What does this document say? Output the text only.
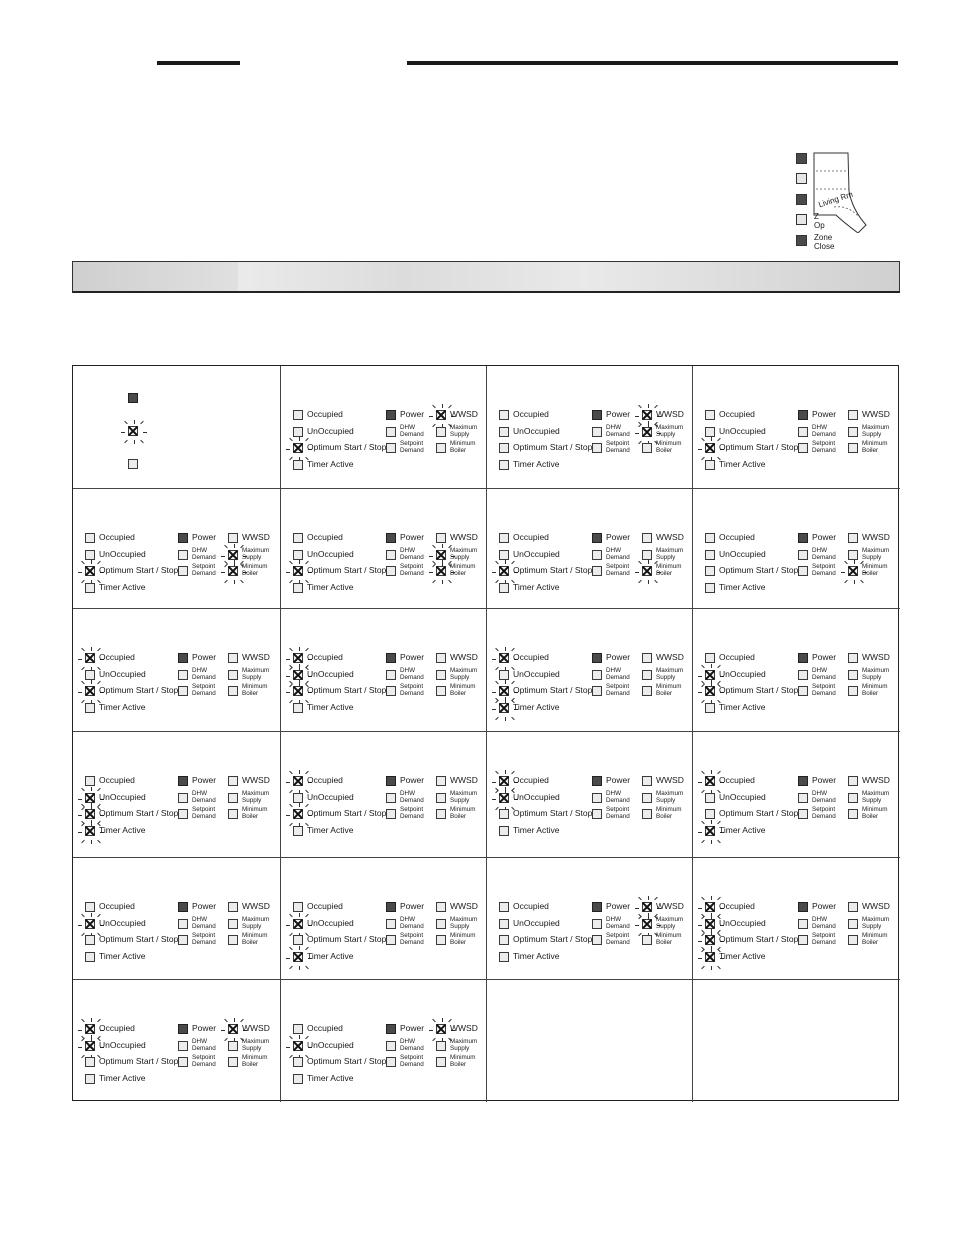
Living Rm
Z
Op
Zone
Close
Occupied
UnOccupied
Optimum Start / Stop
Timer Active
Power
DHW
Demand
Setpoint
Demand
WWSD
Maximum
Supply
Minimum
Boiler
Occupied
UnOccupied
Optimum Start / Stop
Timer Active
Power
DHW
Demand
Setpoint
Demand
WWSD
Maximum
Supply
Minimum
Boiler
Occupied
UnOccupied
Optimum Start / Stop
Timer Active
Power
DHW
Demand
Setpoint
Demand
WWSD
Maximum
Supply
Minimum
Boiler
Occupied
UnOccupied
Optimum Start / Stop
Timer Active
Power
DHW
Demand
Setpoint
Demand
WWSD
Maximum
Supply
Minimum
Boiler
Occupied
UnOccupied
Optimum Start / Stop
Timer Active
Power
DHW
Demand
Setpoint
Demand
WWSD
Maximum
Supply
Minimum
Boiler
Occupied
UnOccupied
Optimum Start / Stop
Timer Active
Power
DHW
Demand
Setpoint
Demand
WWSD
Maximum
Supply
Minimum
Boiler
Occupied
UnOccupied
Optimum Start / Stop
Timer Active
Power
DHW
Demand
Setpoint
Demand
WWSD
Maximum
Supply
Minimum
Boiler
Occupied
UnOccupied
Optimum Start / Stop
Timer Active
Power
DHW
Demand
Setpoint
Demand
WWSD
Maximum
Supply
Minimum
Boiler
Occupied
UnOccupied
Optimum Start / Stop
Timer Active
Power
DHW
Demand
Setpoint
Demand
WWSD
Maximum
Supply
Minimum
Boiler
Occupied
UnOccupied
Optimum Start / Stop
Timer Active
Power
DHW
Demand
Setpoint
Demand
WWSD
Maximum
Supply
Minimum
Boiler
Occupied
UnOccupied
Optimum Start / Stop
Timer Active
Power
DHW
Demand
Setpoint
Demand
WWSD
Maximum
Supply
Minimum
Boiler
Occupied
UnOccupied
Optimum Start / Stop
Timer Active
Power
DHW
Demand
Setpoint
Demand
WWSD
Maximum
Supply
Minimum
Boiler
Occupied
UnOccupied
Optimum Start / Stop
Timer Active
Power
DHW
Demand
Setpoint
Demand
WWSD
Maximum
Supply
Minimum
Boiler
Occupied
UnOccupied
Optimum Start / Stop
Timer Active
Power
DHW
Demand
Setpoint
Demand
WWSD
Maximum
Supply
Minimum
Boiler
Occupied
UnOccupied
Optimum Start / Stop
Timer Active
Power
DHW
Demand
Setpoint
Demand
WWSD
Maximum
Supply
Minimum
Boiler
Occupied
UnOccupied
Optimum Start / Stop
Timer Active
Power
DHW
Demand
Setpoint
Demand
WWSD
Maximum
Supply
Minimum
Boiler
Occupied
UnOccupied
Optimum Start / Stop
Timer Active
Power
DHW
Demand
Setpoint
Demand
WWSD
Maximum
Supply
Minimum
Boiler
Occupied
UnOccupied
Optimum Start / Stop
Timer Active
Power
DHW
Demand
Setpoint
Demand
WWSD
Maximum
Supply
Minimum
Boiler
Occupied
UnOccupied
Optimum Start / Stop
Timer Active
Power
DHW
Demand
Setpoint
Demand
WWSD
Maximum
Supply
Minimum
Boiler
Occupied
UnOccupied
Optimum Start / Stop
Timer Active
Power
DHW
Demand
Setpoint
Demand
WWSD
Maximum
Supply
Minimum
Boiler
Occupied
UnOccupied
Optimum Start / Stop
Timer Active
Power
DHW
Demand
Setpoint
Demand
WWSD
Maximum
Supply
Minimum
Boiler
